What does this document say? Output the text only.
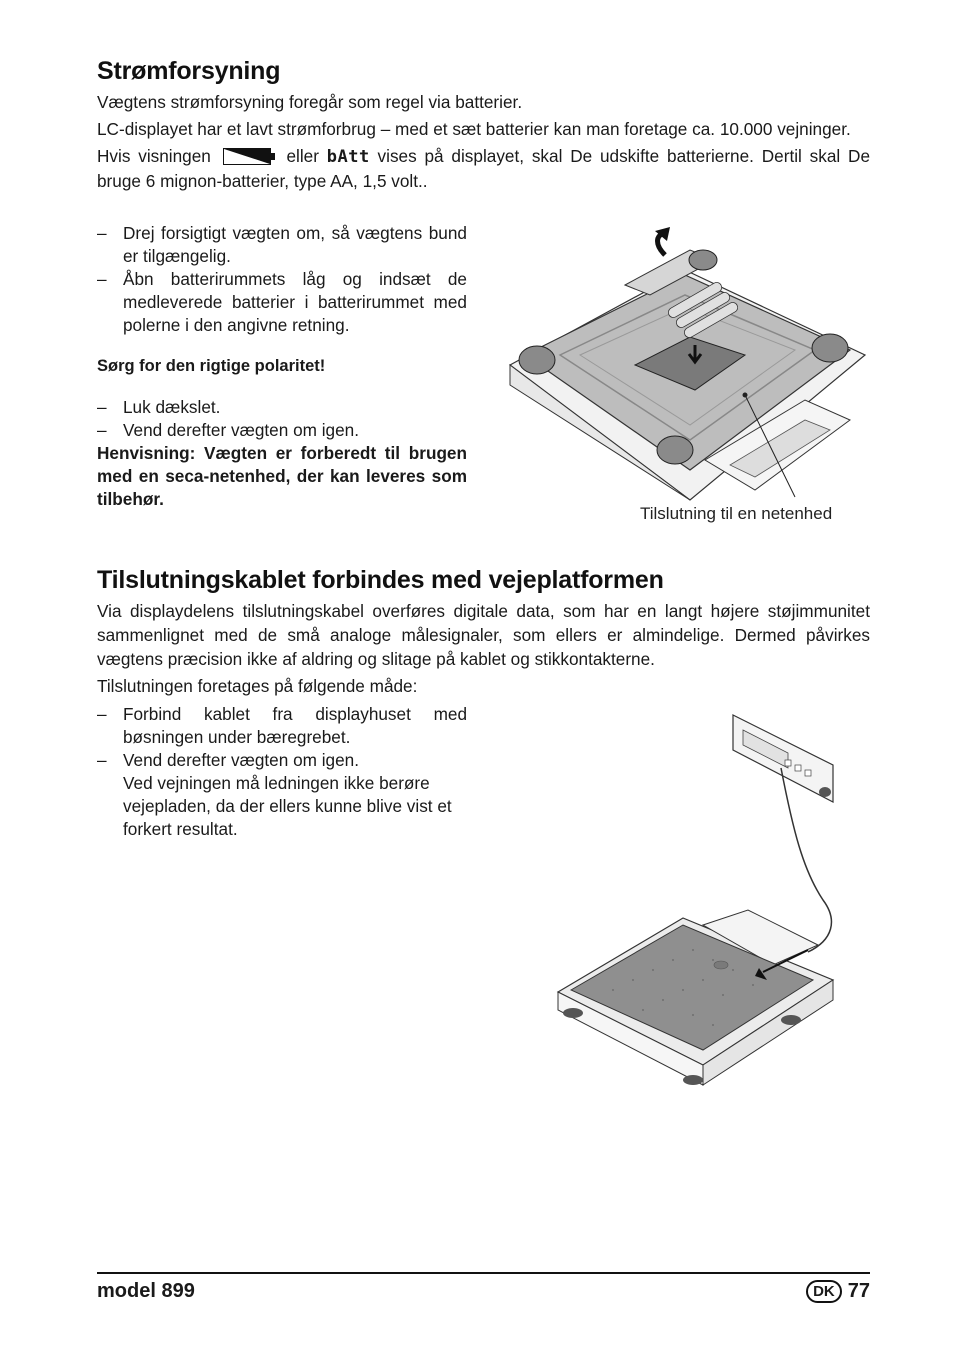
Strømforsyning

Vægtens strømforsyning foregår som regel via batterier.

LC-displayet har et lavt strømforbrug – med et sæt batterier kan man foretage ca. 10.000 vejninger.

Hvis visningen	eller bAtt vises på displayet, skal De udskifte batterierne. Dertil skal De bruge 6 mignon-batterier, type AA, 1,5 volt..

– Drej forsigtigt vægten om, så vægtens bund er tilgængelig.
– Åbn batterirummets låg og indsæt de medleverede batterier i batterirummet med polerne i den angivne retning.

Sørg for den rigtige polaritet!

– Luk dækslet.
– Vend derefter vægten om igen.

Henvisning: Vægten er forberedt til brugen med en seca-netenhed, der kan leveres som tilbehør.

Tilslutning til en netenhed
Tilslutningskablet forbindes med vejeplatformen

Via displaydelens tilslutningskabel overføres digitale data, som har en langt højere støjimmunitet sammenlignet med de små analoge målesignaler, som ellers er almindelige. Dermed påvirkes vægtens præcision ikke af aldring og slitage på kablet og stikkontakterne.

Tilslutningen foretages på følgende måde:

– Forbind kablet fra displayhuset med bøsningen under bæregrebet.
– Vend derefter vægten om igen.
Ved vejningen må ledningen ikke berøre vejepladen, da der ellers kunne blive vist et forkert resultat.
model 899	DK 77
